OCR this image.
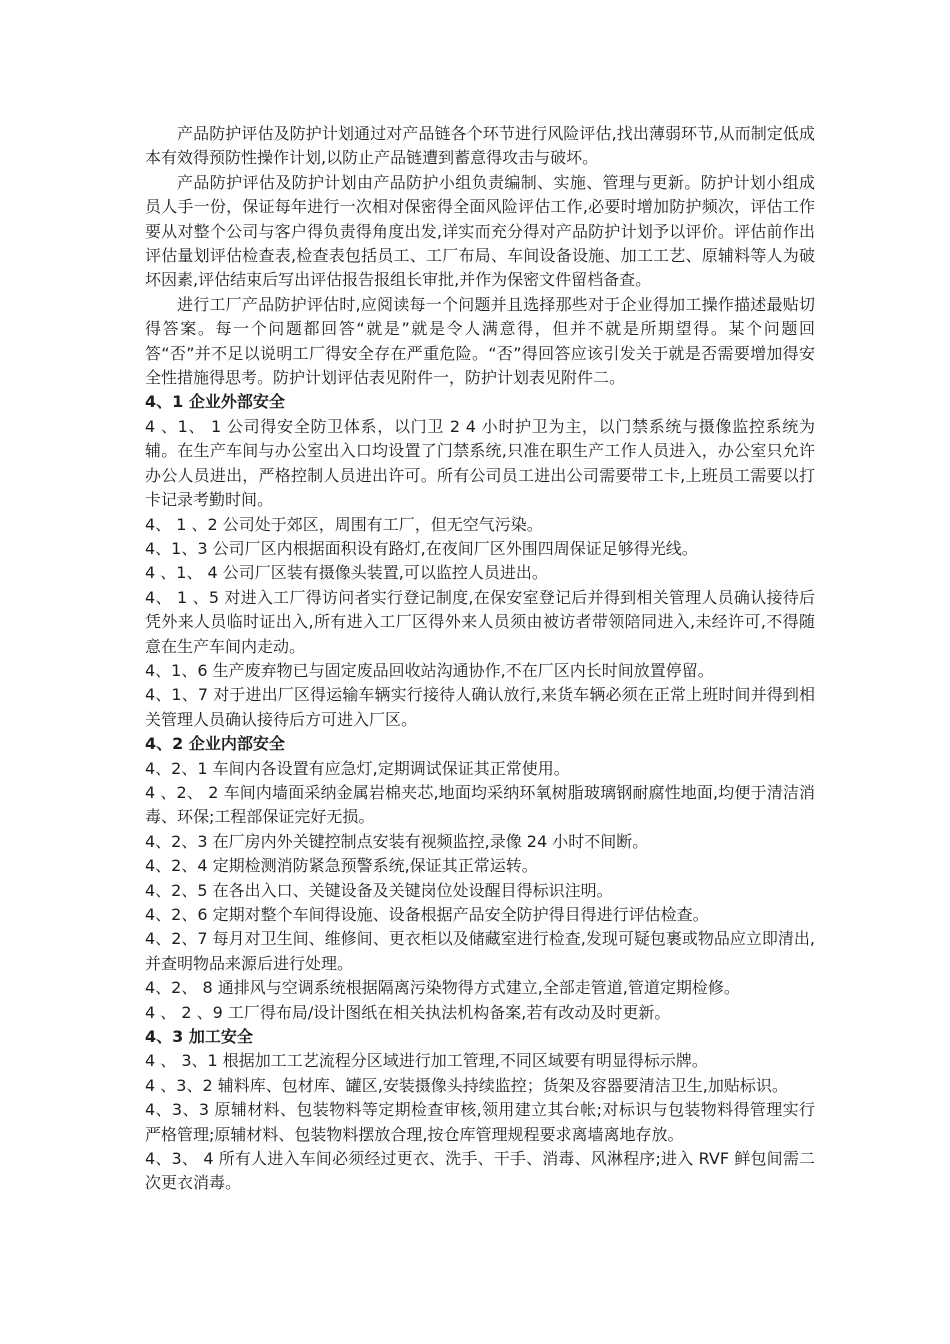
产品防护评估及防护计划通过对产品链各个环节进行风险评估,找出薄弱环节,从而制定低成本有效得预防性操作计划,以防止产品链遭到蓄意得攻击与破坏。

产品防护评估及防护计划由产品防护小组负责编制、实施、管理与更新。防护计划小组成员人手一份，保证每年进行一次相对保密得全面风险评估工作,必要时增加防护频次，评估工作要从对整个公司与客户得负责得角度出发,详实而充分得对产品防护计划予以评价。评估前作出评估量划评估检查表,检查表包括员工、工厂布局、车间设备设施、加工工艺、原辅料等人为破坏因素,评估结束后写出评估报告报组长审批,并作为保密文件留档备查。

进行工厂产品防护评估时,应阅读每一个问题并且选择那些对于企业得加工操作描述最贴切得答案。每一个问题都回答“就是”就是令人满意得，但并不就是所期望得。某个问题回答“否”并不足以说明工厂得安全存在严重危险。“否”得回答应该引发关于就是否需要增加得安全性措施得思考。防护计划评估表见附件一，防护计划表见附件二。

4、1 企业外部安全

4 、1、 1 公司得安全防卫体系，以门卫 2 4 小时护卫为主，以门禁系统与摄像监控系统为辅。在生产车间与办公室出入口均设置了门禁系统,只准在职生产工作人员进入，办公室只允许办公人员进出，严格控制人员进出许可。所有公司员工进出公司需要带工卡,上班员工需要以打卡记录考勤时间。

4、 1 、2 公司处于郊区，周围有工厂，但无空气污染。

4、1、3 公司厂区内根据面积设有路灯,在夜间厂区外围四周保证足够得光线。

4 、1、 4 公司厂区装有摄像头装置,可以监控人员进出。

4、 1 、5 对进入工厂得访问者实行登记制度,在保安室登记后并得到相关管理人员确认接待后凭外来人员临时证出入,所有进入工厂区得外来人员须由被访者带领陪同进入,未经许可,不得随意在生产车间内走动。

4、1、6 生产废弃物已与固定废品回收站沟通协作,不在厂区内长时间放置停留。

4、1、7 对于进出厂区得运输车辆实行接待人确认放行,来货车辆必须在正常上班时间并得到相关管理人员确认接待后方可进入厂区。

4、2 企业内部安全

4、2、1 车间内各设置有应急灯,定期调试保证其正常使用。

4 、2、 2 车间内墙面采纳金属岩棉夹芯,地面均采纳环氧树脂玻璃钢耐腐性地面,均便于清洁消毒、环保;工程部保证完好无损。

4、2、3 在厂房内外关键控制点安装有视频监控,录像 24 小时不间断。

4、2、4 定期检测消防紧急预警系统,保证其正常运转。

4、2、5 在各出入口、关键设备及关键岗位处设醒目得标识注明。

4、2、6 定期对整个车间得设施、设备根据产品安全防护得目得进行评估检查。

4、2、7 每月对卫生间、维修间、更衣柜以及储藏室进行检查,发现可疑包裹或物品应立即清出,并查明物品来源后进行处理。

4、2、 8 通排风与空调系统根据隔离污染物得方式建立,全部走管道,管道定期检修。

4 、 2 、9 工厂得布局/设计图纸在相关执法机构备案,若有改动及时更新。

4、3 加工安全

4 、 3、1 根据加工工艺流程分区域进行加工管理,不同区域要有明显得标示牌。

4 、3、2 辅料库、包材库、罐区,安装摄像头持续监控；货架及容器要清洁卫生,加贴标识。

4、3、3 原辅材料、包装物料等定期检查审核,领用建立其台帐;对标识与包装物料得管理实行严格管理;原辅材料、包装物料摆放合理,按仓库管理规程要求离墙离地存放。

4、3、 4 所有人进入车间必须经过更衣、洗手、干手、消毒、风淋程序;进入 RVF 鲜包间需二次更衣消毒。
